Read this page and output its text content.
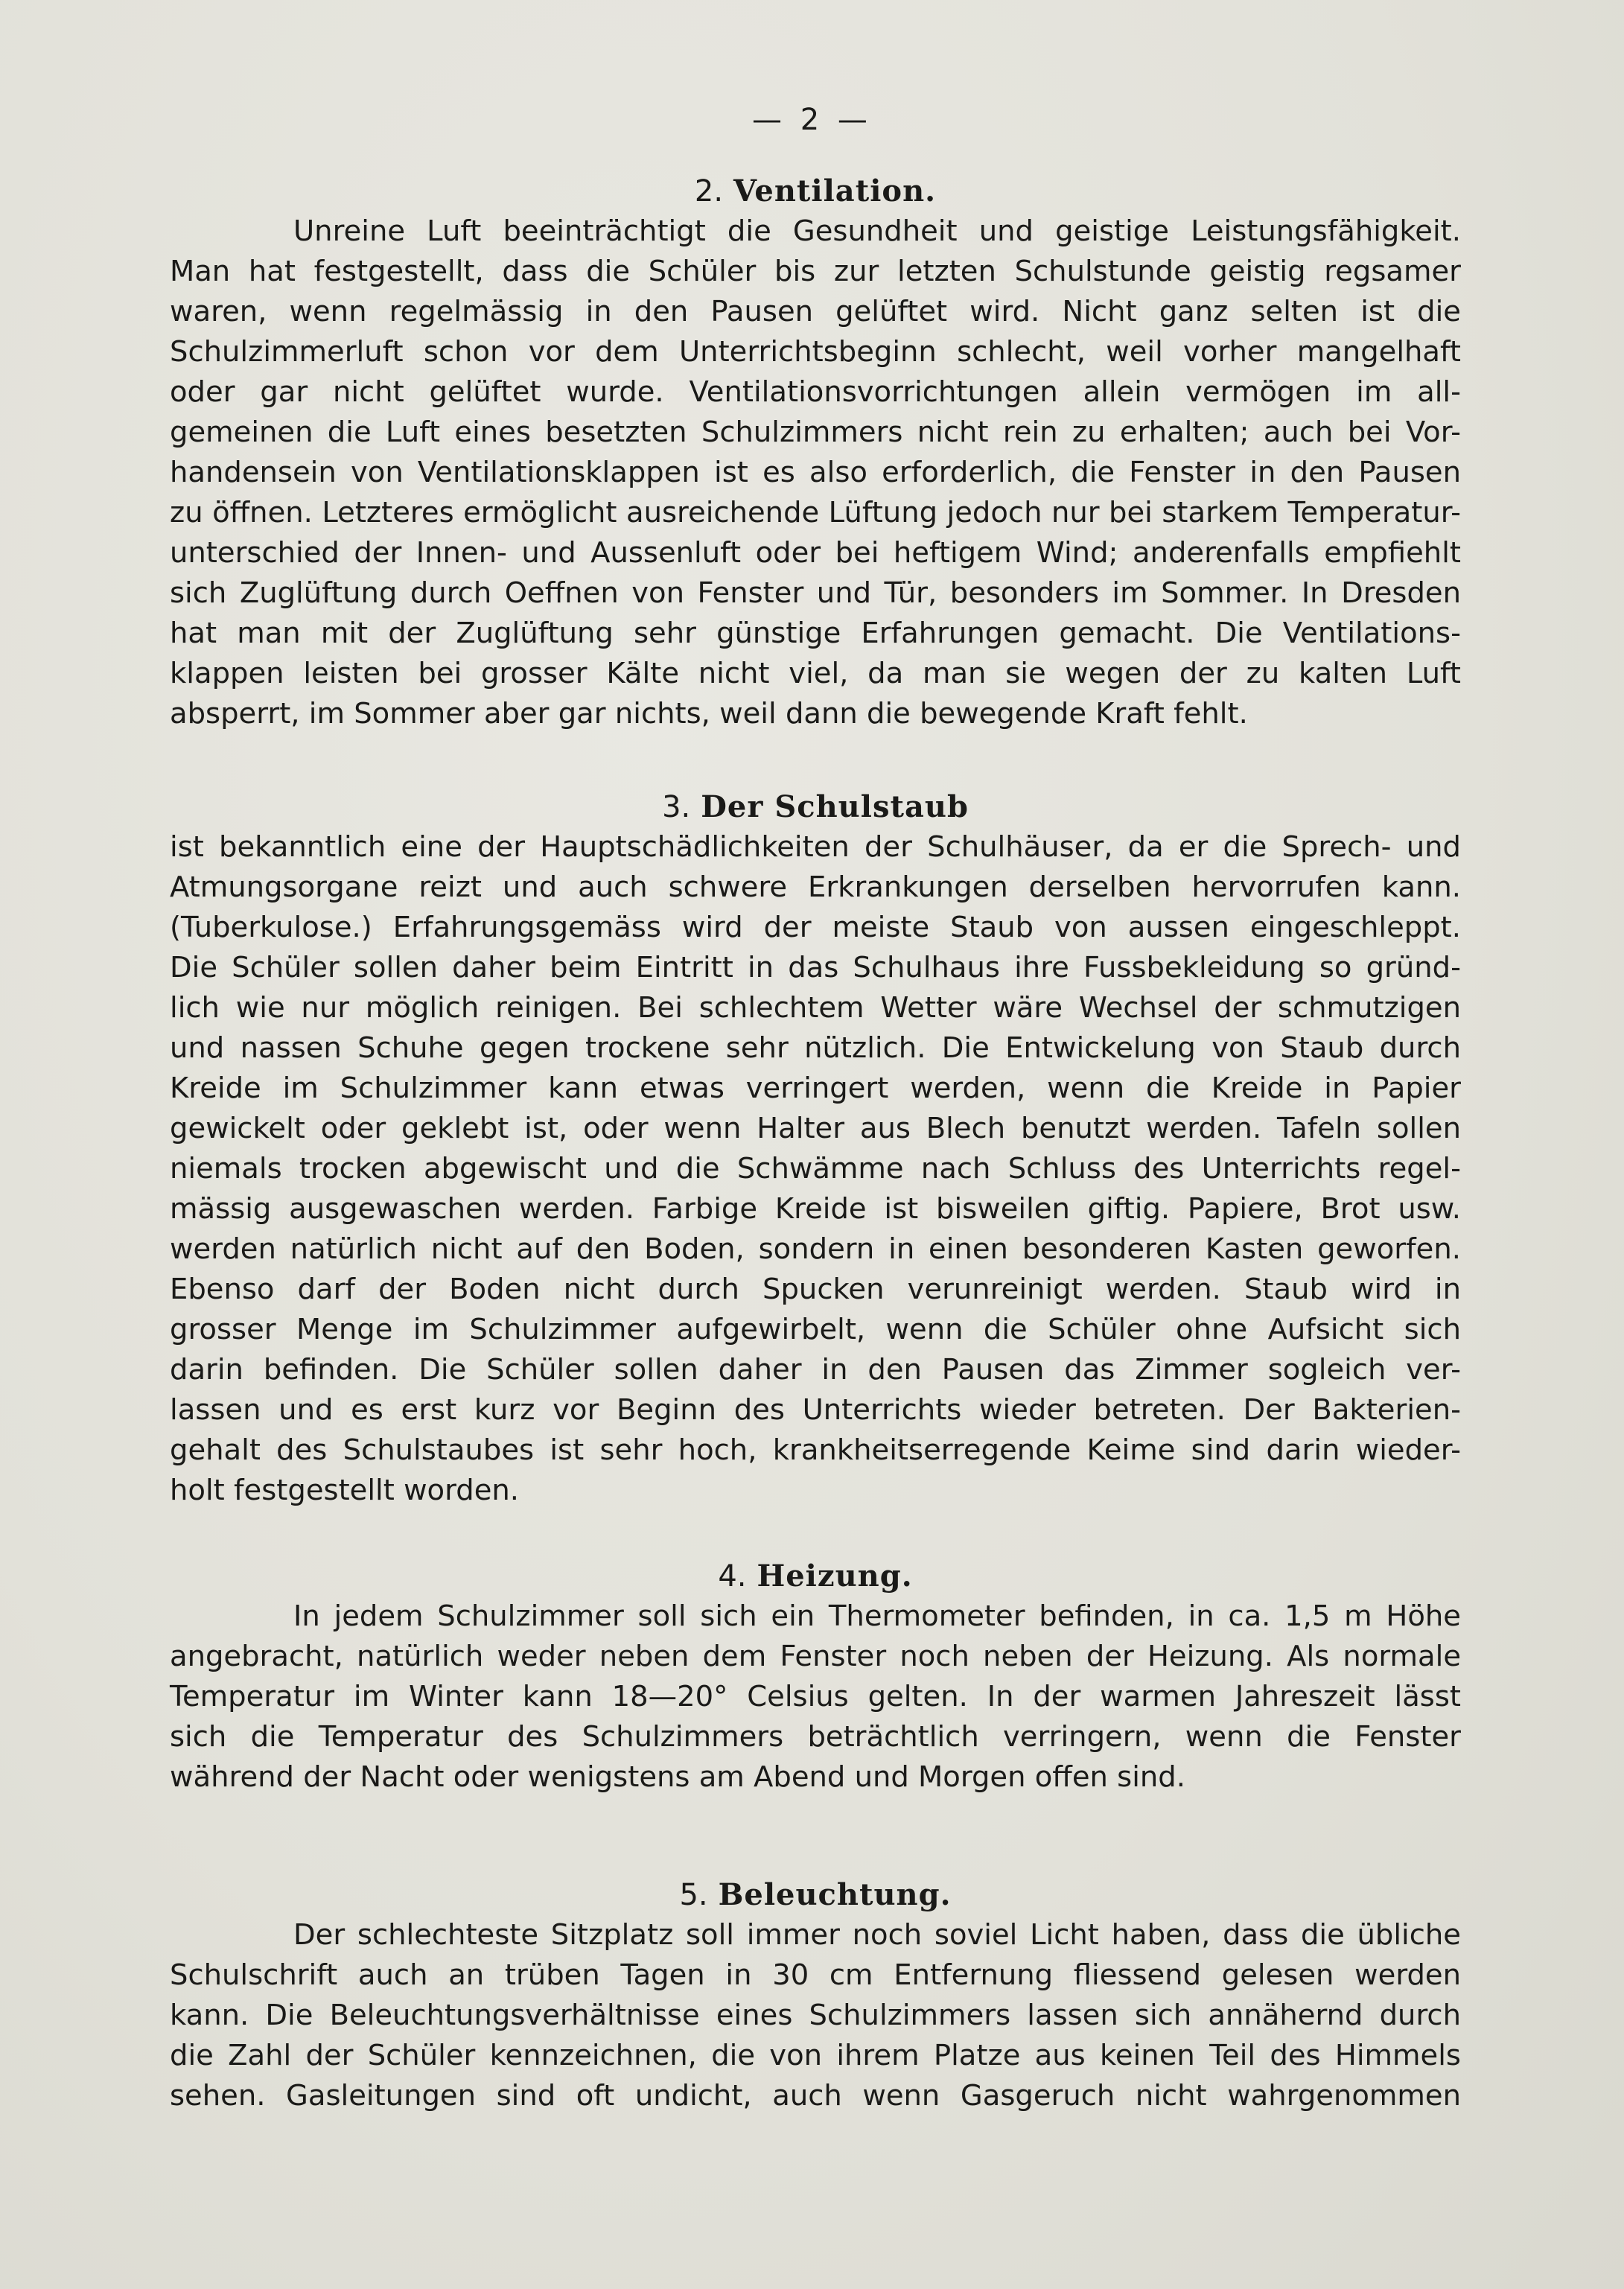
— 2 —
2. Ventilation.
Unreine Luft beeinträchtigt die Gesundheit und geistige Leistungsfähigkeit.
Man hat festgestellt, dass die Schüler bis zur letzten Schulstunde geistig regsamer
waren, wenn regelmässig in den Pausen gelüftet wird. Nicht ganz selten ist die
Schulzimmerluft schon vor dem Unterrichtsbeginn schlecht, weil vorher mangelhaft
oder gar nicht gelüftet wurde. Ventilationsvorrichtungen allein vermögen im all-
gemeinen die Luft eines besetzten Schulzimmers nicht rein zu erhalten; auch bei Vor-
handensein von Ventilationsklappen ist es also erforderlich, die Fenster in den Pausen
zu öffnen. Letzteres ermöglicht ausreichende Lüftung jedoch nur bei starkem Temperatur-
unterschied der Innen- und Aussenluft oder bei heftigem Wind; anderenfalls empfiehlt
sich Zuglüftung durch Oeffnen von Fenster und Tür, besonders im Sommer. In Dresden
hat man mit der Zuglüftung sehr günstige Erfahrungen gemacht. Die Ventilations-
klappen leisten bei grosser Kälte nicht viel, da man sie wegen der zu kalten Luft
absperrt, im Sommer aber gar nichts, weil dann die bewegende Kraft fehlt.
3. Der Schulstaub
ist bekanntlich eine der Hauptschädlichkeiten der Schulhäuser, da er die Sprech- und
Atmungsorgane reizt und auch schwere Erkrankungen derselben hervorrufen kann.
(Tuberkulose.) Erfahrungsgemäss wird der meiste Staub von aussen eingeschleppt.
Die Schüler sollen daher beim Eintritt in das Schulhaus ihre Fussbekleidung so gründ-
lich wie nur möglich reinigen. Bei schlechtem Wetter wäre Wechsel der schmutzigen
und nassen Schuhe gegen trockene sehr nützlich. Die Entwickelung von Staub durch
Kreide im Schulzimmer kann etwas verringert werden, wenn die Kreide in Papier
gewickelt oder geklebt ist, oder wenn Halter aus Blech benutzt werden. Tafeln sollen
niemals trocken abgewischt und die Schwämme nach Schluss des Unterrichts regel-
mässig ausgewaschen werden. Farbige Kreide ist bisweilen giftig. Papiere, Brot usw.
werden natürlich nicht auf den Boden, sondern in einen besonderen Kasten geworfen.
Ebenso darf der Boden nicht durch Spucken verunreinigt werden. Staub wird in
grosser Menge im Schulzimmer aufgewirbelt, wenn die Schüler ohne Aufsicht sich
darin befinden. Die Schüler sollen daher in den Pausen das Zimmer sogleich ver-
lassen und es erst kurz vor Beginn des Unterrichts wieder betreten. Der Bakterien-
gehalt des Schulstaubes ist sehr hoch, krankheitserregende Keime sind darin wieder-
holt festgestellt worden.
4. Heizung.
In jedem Schulzimmer soll sich ein Thermometer befinden, in ca. 1,5 m Höhe
angebracht, natürlich weder neben dem Fenster noch neben der Heizung. Als normale
Temperatur im Winter kann 18—20° Celsius gelten. In der warmen Jahreszeit lässt
sich die Temperatur des Schulzimmers beträchtlich verringern, wenn die Fenster
während der Nacht oder wenigstens am Abend und Morgen offen sind.
5. Beleuchtung.
Der schlechteste Sitzplatz soll immer noch soviel Licht haben, dass die übliche
Schulschrift auch an trüben Tagen in 30 cm Entfernung fliessend gelesen werden
kann. Die Beleuchtungsverhältnisse eines Schulzimmers lassen sich annähernd durch
die Zahl der Schüler kennzeichnen, die von ihrem Platze aus keinen Teil des Himmels
sehen. Gasleitungen sind oft undicht, auch wenn Gasgeruch nicht wahrgenommen
